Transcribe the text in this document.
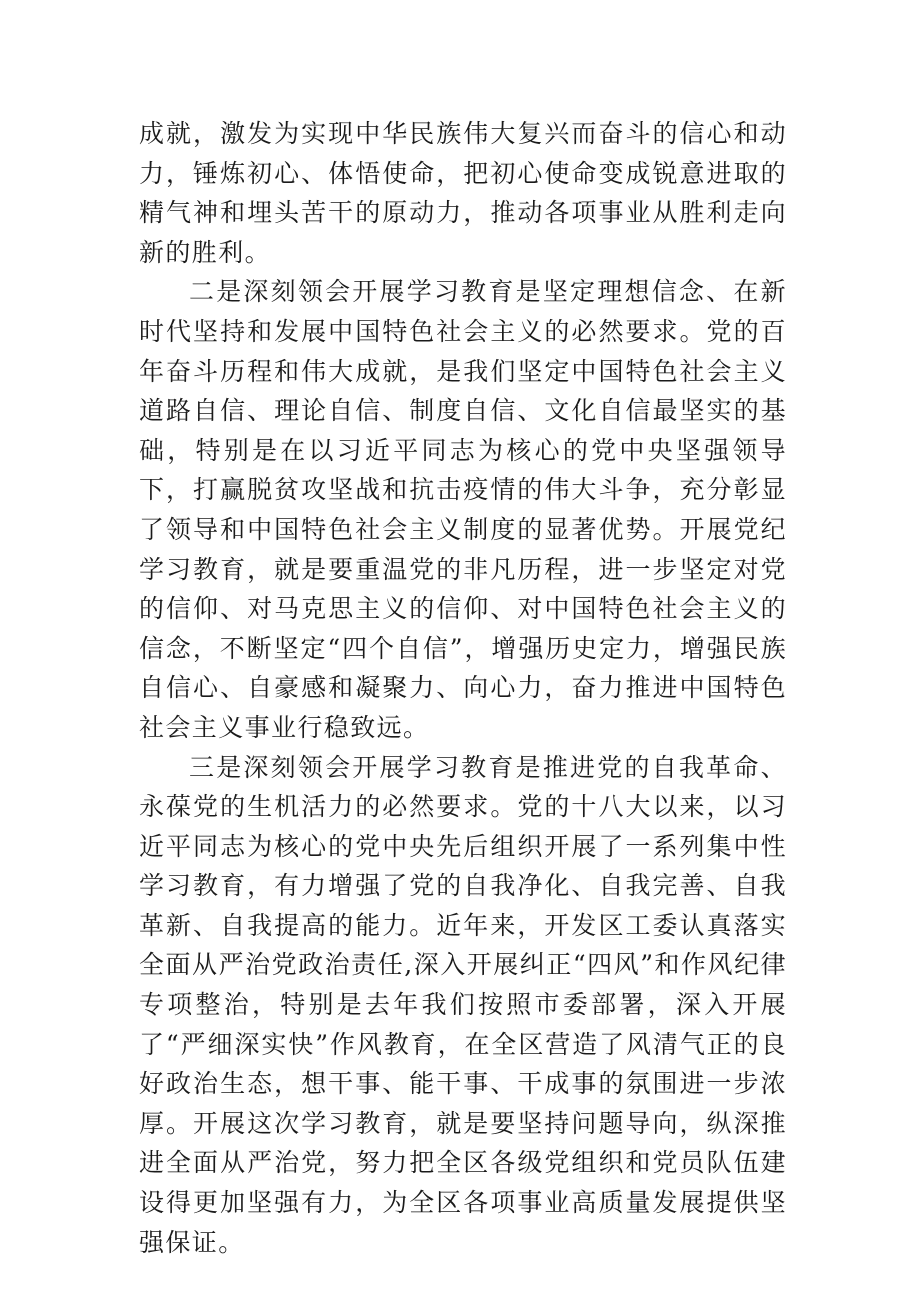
成就，激发为实现中华民族伟大复兴而奋斗的信心和动力，锤炼初心、体悟使命，把初心使命变成锐意进取的精气神和埋头苦干的原动力，推动各项事业从胜利走向新的胜利。

二是深刻领会开展学习教育是坚定理想信念、在新时代坚持和发展中国特色社会主义的必然要求。党的百年奋斗历程和伟大成就，是我们坚定中国特色社会主义道路自信、理论自信、制度自信、文化自信最坚实的基础，特别是在以习近平同志为核心的党中央坚强领导下，打赢脱贫攻坚战和抗击疫情的伟大斗争，充分彰显了领导和中国特色社会主义制度的显著优势。开展党纪学习教育，就是要重温党的非凡历程，进一步坚定对党的信仰、对马克思主义的信仰、对中国特色社会主义的信念，不断坚定“四个自信”，增强历史定力，增强民族自信心、自豪感和凝聚力、向心力，奋力推进中国特色社会主义事业行稳致远。

三是深刻领会开展学习教育是推进党的自我革命、永葆党的生机活力的必然要求。党的十八大以来，以习近平同志为核心的党中央先后组织开展了一系列集中性学习教育，有力增强了党的自我净化、自我完善、自我革新、自我提高的能力。近年来，开发区工委认真落实全面从严治党政治责任,深入开展纠正“四风”和作风纪律专项整治，特别是去年我们按照市委部署，深入开展了“严细深实快”作风教育，在全区营造了风清气正的良好政治生态，想干事、能干事、干成事的氛围进一步浓厚。开展这次学习教育，就是要坚持问题导向，纵深推进全面从严治党，努力把全区各级党组织和党员队伍建设得更加坚强有力，为全区各项事业高质量发展提供坚强保证。
